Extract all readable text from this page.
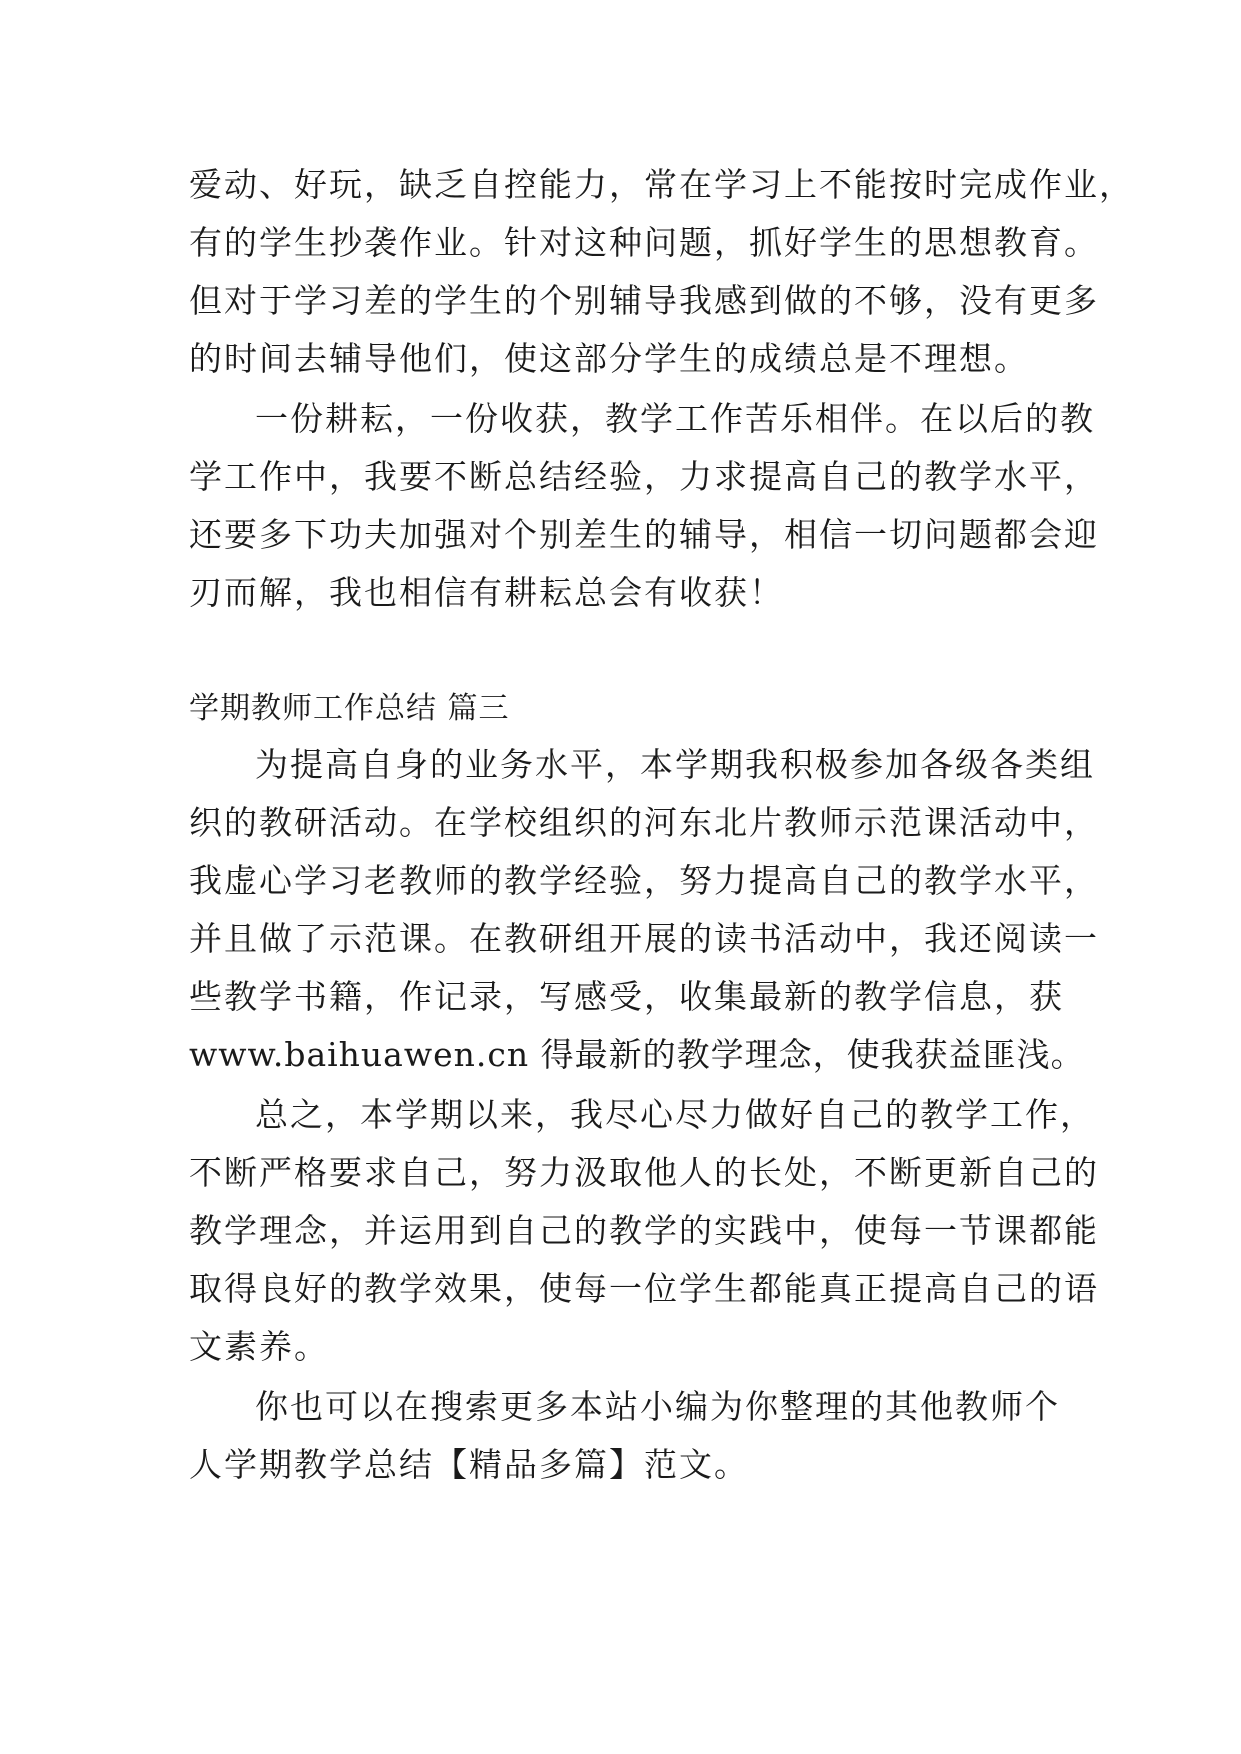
爱动、好玩，缺乏自控能力，常在学习上不能按时完成作业，
有的学生抄袭作业。针对这种问题，抓好学生的思想教育。
但对于学习差的学生的个别辅导我感到做的不够，没有更多
的时间去辅导他们，使这部分学生的成绩总是不理想。
一份耕耘，一份收获，教学工作苦乐相伴。在以后的教
学工作中，我要不断总结经验，力求提高自己的教学水平，
还要多下功夫加强对个别差生的辅导，相信一切问题都会迎
刃而解，我也相信有耕耘总会有收获！
学期教师工作总结 篇三
为提高自身的业务水平，本学期我积极参加各级各类组
织的教研活动。在学校组织的河东北片教师示范课活动中，
我虚心学习老教师的教学经验，努力提高自己的教学水平，
并且做了示范课。在教研组开展的读书活动中，我还阅读一
些教学书籍，作记录，写感受，收集最新的教学信息，获
www.baihuawen.cn 得最新的教学理念，使我获益匪浅。
总之，本学期以来，我尽心尽力做好自己的教学工作，
不断严格要求自己，努力汲取他人的长处，不断更新自己的
教学理念，并运用到自己的教学的实践中，使每一节课都能
取得良好的教学效果，使每一位学生都能真正提高自己的语
文素养。
你也可以在搜索更多本站小编为你整理的其他教师个
人学期教学总结【精品多篇】范文。
